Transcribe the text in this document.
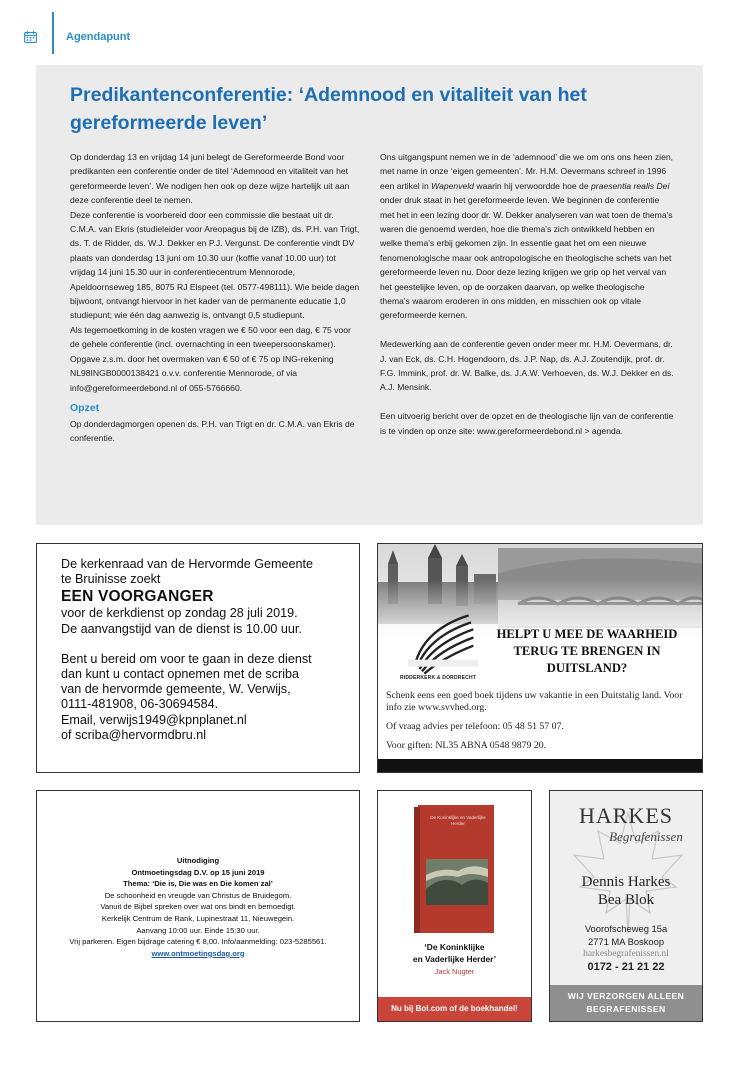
Agendapunt
Predikantenconferentie: ‘Ademnood en vitaliteit van het gereformeerde leven’

Op donderdag 13 en vrijdag 14 juni belegt de Gereformeerde Bond voor predikanten een conferentie onder de titel ‘Ademnood en vitaliteit van het gereformeerde leven’. We nodigen hen ook op deze wijze hartelijk uit aan deze conferentie deel te nemen.

Deze conferentie is voorbereid door een commissie die bestaat uit dr. C.M.A. van Ekris (studieleider voor Areopagus bij de IZB), ds. P.H. van Trigt, ds. T. de Ridder, ds. W.J. Dekker en P.J. Vergunst. De conferentie vindt DV plaats van donderdag 13 juni om 10.30 uur (koffie vanaf 10.00 uur) tot vrijdag 14 juni 15.30 uur in conferentiecentrum Mennorode, Apeldoornseweg 185, 8075 RJ Elspeet (tel. 0577-498111). Wie beide dagen bijwoont, ontvangt hiervoor in het kader van de permanente educatie 1,0 studiepunt; wie één dag aanwezig is, ontvangt 0,5 studiepunt.

Als tegemoetkoming in de kosten vragen we € 50 voor een dag, € 75 voor de gehele conferentie (incl. overnachting in een tweepersoonskamer).

Opgave z.s.m. door het overmaken van € 50 of € 75 op ING-rekening NL98INGB0000138421 o.v.v. conferentie Mennorode, of via info@gereformeerdebond.nl of 055-5766660.

Opzet

Op donderdagmorgen openen ds. P.H. van Trigt en dr. C.M.A. van Ekris de conferentie.

Ons uitgangspunt nemen we in de ‘ademnood’ die we om ons ons heen zien, met name in onze ‘eigen gemeenten’. Mr. H.M. Oevermans schreef in 1996 een artikel in Wapenveld waarin hij verwoordde hoe de praesentia realis Dei onder druk staat in het gereformeerde leven. We beginnen de conferentie met het in een lezing door dr. W. Dekker analyseren van wat toen de thema's waren die genoemd werden, hoe die thema's zich ontwikkeld hebben en welke thema's erbij gekomen zijn. In essentie gaat het om een nieuwe fenomenologische maar ook antropologische en theologische schets van het gereformeerde leven nu. Door deze lezing krijgen we grip op het verval van het geestelijke leven, op de oorzaken daarvan, op welke theologische thema's waarom eroderen in ons midden, en misschien ook op vitale gereformeerde kernen.

Medewerking aan de conferentie geven onder meer mr. H.M. Oevermans, dr. J. van Eck, ds. C.H. Hogendoorn, ds. J.P. Nap, ds. A.J. Zoutendijk, prof. dr. F.G. Immink, prof. dr. W. Balke, ds. J.A.W. Verhoeven, ds. W.J. Dekker en ds. A.J. Mensink.

Een uitvoerig bericht over de opzet en de theologische lijn van de conferentie is te vinden op onze site: www.gereformeerdebond.nl > agenda.

De kerkenraad van de Hervormde Gemeente

te Bruinisse zoekt

EEN VOORGANGER

voor de kerkdienst op zondag 28 juli 2019.

De aanvangstijd van de dienst is 10.00 uur.

Bent u bereid om voor te gaan in deze dienst

dan kunt u contact opnemen met de scriba

van de hervormde gemeente, W. Verwijs,

0111-481908, 06-30694584.

Email, verwijs1949@kpnplanet.nl

of scriba@hervormdbru.nl

RIDDERKERK & DORDRECHT
HELPT U MEE DE WAARHEID TERUG TE BRENGEN IN DUITSLAND?

Schenk eens een goed boek tijdens uw vakantie in een Duitstalig land. Voor info zie www.svvhed.org.

Of vraag advies per telefoon: 05 48 51 57 07.

Voor giften: NL35 ABNA 0548 9879 20.

Uitnodiging

Ontmoetingsdag D.V. op 15 juni 2019

Thema: ‘Die is, Die was en Die komen zal’

De schoonheid en vreugde van Christus de Bruidegom.

Vanuit de Bijbel spreken over wat ons bindt en bemoedigt.

Kerkelijk Centrum de Rank, Lupinestraat 11, Nieuwegein.

Aanvang 10:00 uur. Einde 15:30 uur.

Vrij parkeren. Eigen bijdrage catering € 8,00. Info/aanmelding: 023-5285561.

www.ontmoetingsdag.org

De Koninklijke en Vaderlijke Herder
‘De Koninklijke
en Vaderlijke Herder’
Jack Nugter
Nu bij Bol.com of de boekhandel!
HARKES
Begrafenissen
Dennis Harkes
Bea Blok
Voorofscheweg 15a
2771 MA Boskoop
harkesbegrafenissen.nl
0172 - 21 21 22
WIJ VERZORGEN ALLEEN
BEGRAFENISSEN
